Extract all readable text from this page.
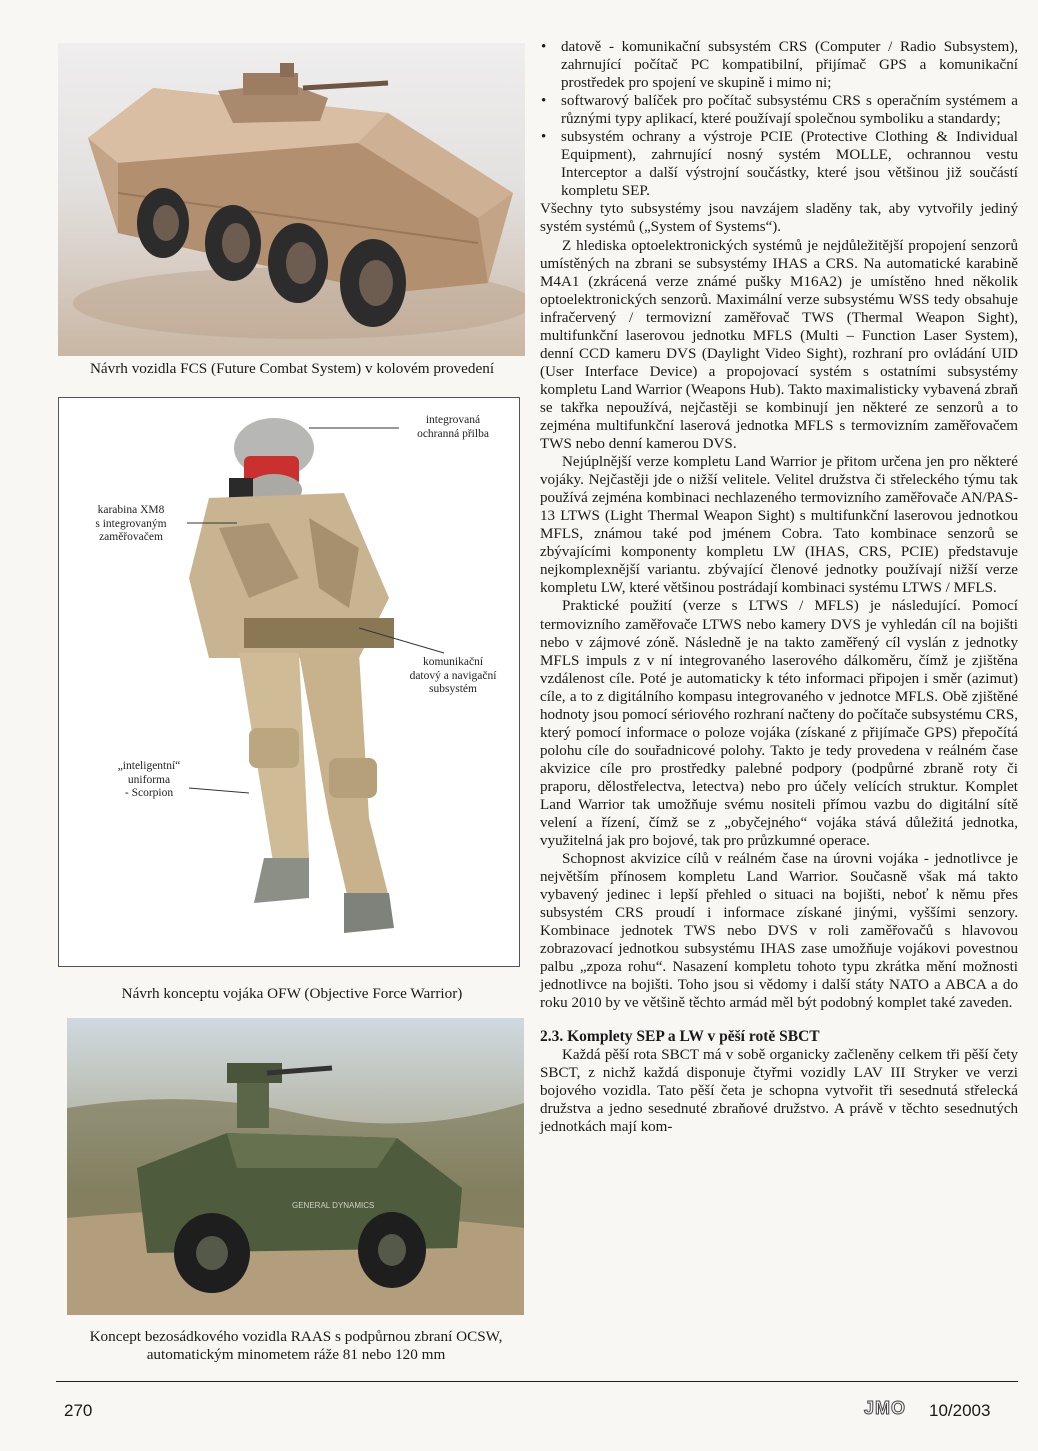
Návrh vozidla FCS (Future Combat System) v kolovém provedení
integrovaná
ochranná přilba
karabina XM8
s integrovaným
zaměřovačem
komunikační
datový a navigační
subsystém
„inteligentní“
uniforma
- Scorpion
Návrh konceptu vojáka OFW (Objective Force Warrior)
GENERAL DYNAMICS
Koncept bezosádkového vozidla RAAS s podpůrnou zbraní OCSW,
automatickým minometem ráže 81 nebo 120 mm
• datově - komunikační subsystém CRS (Computer / Radio Subsystem), zahrnující počítač PC kompatibilní, přijímač GPS a komunikační prostředek pro spojení ve skupině i mimo ni;
• softwarový balíček pro počítač subsystému CRS s operačním systémem a různými typy aplikací, které používají společnou symboliku a standardy;
• subsystém ochrany a výstroje PCIE (Protective Clothing & Individual Equipment), zahrnující nosný systém MOLLE, ochrannou vestu Interceptor a další výstrojní součástky, které jsou většinou již součástí kompletu SEP.

Všechny tyto subsystémy jsou navzájem sladěny tak, aby vytvořily jediný systém systémů („System of Systems“).

Z hlediska optoelektronických systémů je nejdůležitější propojení senzorů umístěných na zbrani se subsystémy IHAS a CRS. Na automatické karabině M4A1 (zkrácená verze známé pušky M16A2) je umístěno hned několik optoelektronických senzorů. Maximální verze subsystému WSS tedy obsahuje infračervený / termovizní zaměřovač TWS (Thermal Weapon Sight), multifunkční laserovou jednotku MFLS (Multi – Function Laser System), denní CCD kameru DVS (Daylight Video Sight), rozhraní pro ovládání UID (User Interface Device) a propojovací systém s ostatními subsystémy kompletu Land Warrior (Weapons Hub). Takto maximalisticky vybavená zbraň se takřka nepoužívá, nejčastěji se kombinují jen některé ze senzorů a to zejména multifunkční laserová jednotka MFLS s termovizním zaměřovačem TWS nebo denní kamerou DVS.

Nejúplnější verze kompletu Land Warrior je přitom určena jen pro některé vojáky. Nejčastěji jde o nižší velitele. Velitel družstva či střeleckého týmu tak používá zejména kombinaci nechlazeného termovizního zaměřovače AN/PAS-13 LTWS (Light Thermal Weapon Sight) s multifunkční laserovou jednotkou MFLS, známou také pod jménem Cobra. Tato kombinace senzorů se zbývajícími komponenty kompletu LW (IHAS, CRS, PCIE) představuje nejkomplexnější variantu. zbývající členové jednotky používají nižší verze kompletu LW, které většinou postrádají kombinaci systému LTWS / MFLS.

Praktické použití (verze s LTWS / MFLS) je následující. Pomocí termovizního zaměřovače LTWS nebo kamery DVS je vyhledán cíl na bojišti nebo v zájmové zóně. Následně je na takto zaměřený cíl vyslán z jednotky MFLS impuls z v ní integrovaného laserového dálkoměru, čímž je zjištěna vzdálenost cíle. Poté je automaticky k této informaci připojen i směr (azimut) cíle, a to z digitálního kompasu integrovaného v jednotce MFLS. Obě zjištěné hodnoty jsou pomocí sériového rozhraní načteny do počítače subsystému CRS, který pomocí informace o poloze vojáka (získané z přijímače GPS) přepočítá polohu cíle do souřadnicové polohy. Takto je tedy provedena v reálném čase akvizice cíle pro prostředky palebné podpory (podpůrné zbraně roty či praporu, dělostřelectva, letectva) nebo pro účely velících struktur. Komplet Land Warrior tak umožňuje svému nositeli přímou vazbu do digitální sítě velení a řízení, čímž se z „obyčejného“ vojáka stává důležitá jednotka, využitelná jak pro bojové, tak pro průzkumné operace.

Schopnost akvizice cílů v reálném čase na úrovni vojáka - jednotlivce je největším přínosem kompletu Land Warrior. Současně však má takto vybavený jedinec i lepší přehled o situaci na bojišti, neboť k němu přes subsystém CRS proudí i informace získané jinými, vyššími senzory. Kombinace jednotek TWS nebo DVS v roli zaměřovačů s hlavovou zobrazovací jednotkou subsystému IHAS zase umožňuje vojákovi povestnou palbu „zpoza rohu“. Nasazení kompletu tohoto typu zkrátka mění možnosti jednotlivce na bojišti. Toho jsou si vědomy i další státy NATO a ABCA a do roku 2010 by ve většině těchto armád měl být podobný komplet také zaveden.

2.3. Komplety SEP a LW v pěší rotě SBCT

Každá pěší rota SBCT má v sobě organicky začleněny celkem tři pěší čety SBCT, z nichž každá disponuje čtyřmi vozidly LAV III Stryker ve verzi bojového vozidla. Tato pěší četa je schopna vytvořit tři sesednutá střelecká družstva a jedno sesednuté zbraňové družstvo. A právě v těchto sesednutých jednotkách mají kom-

270	JMO 10/2003
